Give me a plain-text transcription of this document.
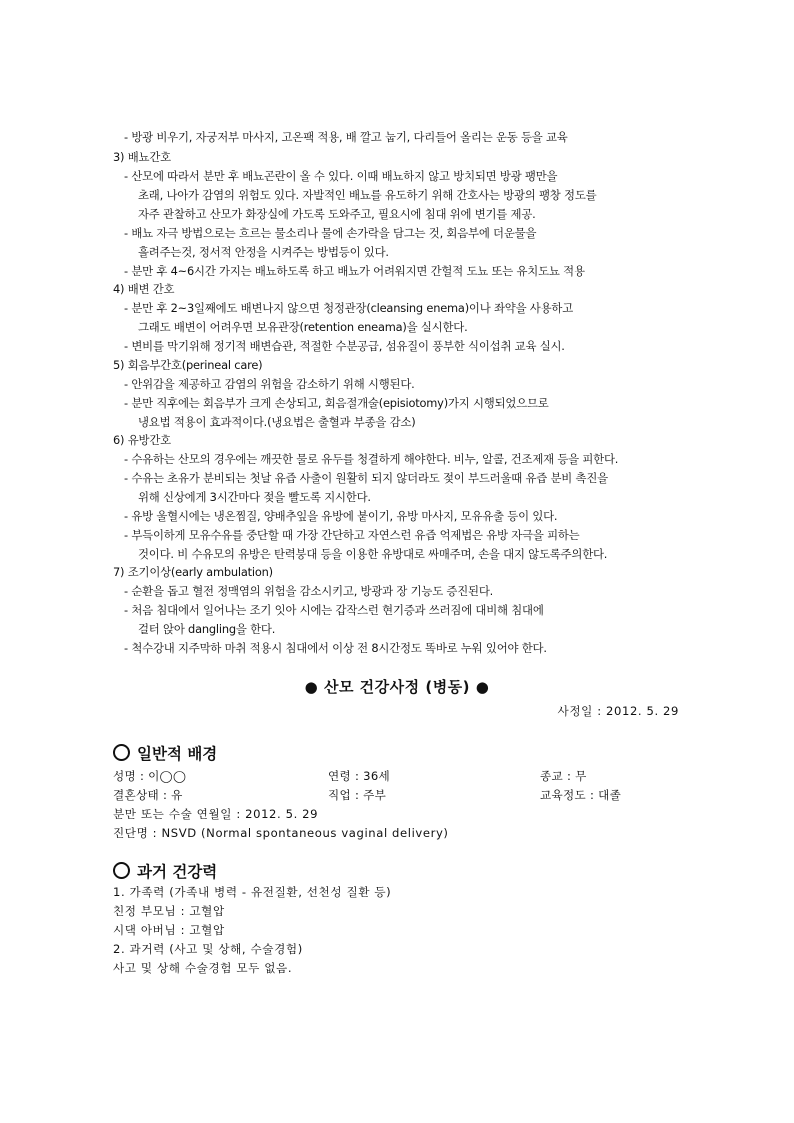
- 방광 비우기, 자궁저부 마사지, 고온팩 적용, 배 깔고 눕기, 다리들어 올리는 운동 등을 교육
3) 배뇨간호
- 산모에 따라서 분만 후 배뇨곤란이 올 수 있다. 이때 배뇨하지 않고 방치되면 방광 팽만을
초래, 나아가 감염의 위험도 있다. 자발적인 배뇨를 유도하기 위해 간호사는 방광의 팽창 정도를
자주 관찰하고 산모가 화장실에 가도록 도와주고, 필요시에 침대 위에 변기를 제공.
- 배뇨 자극 방법으로는 흐르는 물소리나 물에 손가락을 담그는 것, 회음부에 더운물을
흘려주는것, 정서적 안정을 시켜주는 방법등이 있다.
- 분만 후 4~6시간 가지는 배뇨하도록 하고 배뇨가 어려워지면 간헐적 도뇨 또는 유치도뇨 적용
4) 배변 간호
- 분만 후 2~3일째에도 배변나지 않으면 청정관장(cleansing enema)이나 좌약을 사용하고
그래도 배변이 어려우면 보유관장(retention eneama)을 실시한다.
- 변비를 막기위해 정기적 배변습관, 적절한 수분공급, 섬유질이 풍부한 식이섭취 교육 실시.
5) 회음부간호(perineal care)
- 안위감을 제공하고 감염의 위험을 감소하기 위해 시행된다.
- 분만 직후에는 회음부가 크게 손상되고, 회음절개술(episiotomy)가지 시행되었으므로
냉요법 적용이 효과적이다.(냉요법은 출혈과 부종을 감소)
6) 유방간호
- 수유하는 산모의 경우에는 깨끗한 물로 유두를 청결하게 해야한다. 비누, 알콜, 건조제재 등을 피한다.
- 수유는 초유가 분비되는 첫날 유즙 사출이 원활히 되지 않더라도 젖이 부드러울때 유즙 분비 촉진을
위해 신상에게 3시간마다 젖을 빨도록 지시한다.
- 유방 울혈시에는 냉온찜질, 양배추잎을 유방에 붙이기, 유방 마사지, 모유유출 등이 있다.
- 부득이하게 모유수유를 중단할 때 가장 간단하고 자연스런 유즙 억제법은 유방 자극을 피하는
것이다. 비 수유모의 유방은 탄력붕대 등을 이용한 유방대로 싸매주며, 손을 대지 않도록주의한다.
7) 조기이상(early ambulation)
- 순환을 돕고 혈전 정맥염의 위험을 감소시키고, 방광과 장 기능도 증진된다.
- 처음 침대에서 일어나는 조기 잇아 시에는 갑작스런 현기증과 쓰러짐에 대비해 침대에
걸터 앉아 dangling을 한다.
- 척수강내 지주막하 마취 적용시 침대에서 이상 전 8시간정도 똑바로 누워 있어야 한다.
● 산모 건강사정 (병동) ●
사정일 : 2012. 5. 29
일반적 배경
성명 : 이◯◯	연령 : 36세	종교 : 무
결혼상태 : 유	직업 : 주부	교육정도 : 대졸
분만 또는 수술 연월일 : 2012. 5. 29
진단명 : NSVD (Normal spontaneous vaginal delivery)
과거 건강력
1. 가족력 (가족내 병력 - 유전질환, 선천성 질환 등)
친정 부모님 : 고혈압
시댁 아버님 : 고혈압
2. 과거력 (사고 및 상해, 수술경험)
사고 및 상해 수술경험 모두 없음.
